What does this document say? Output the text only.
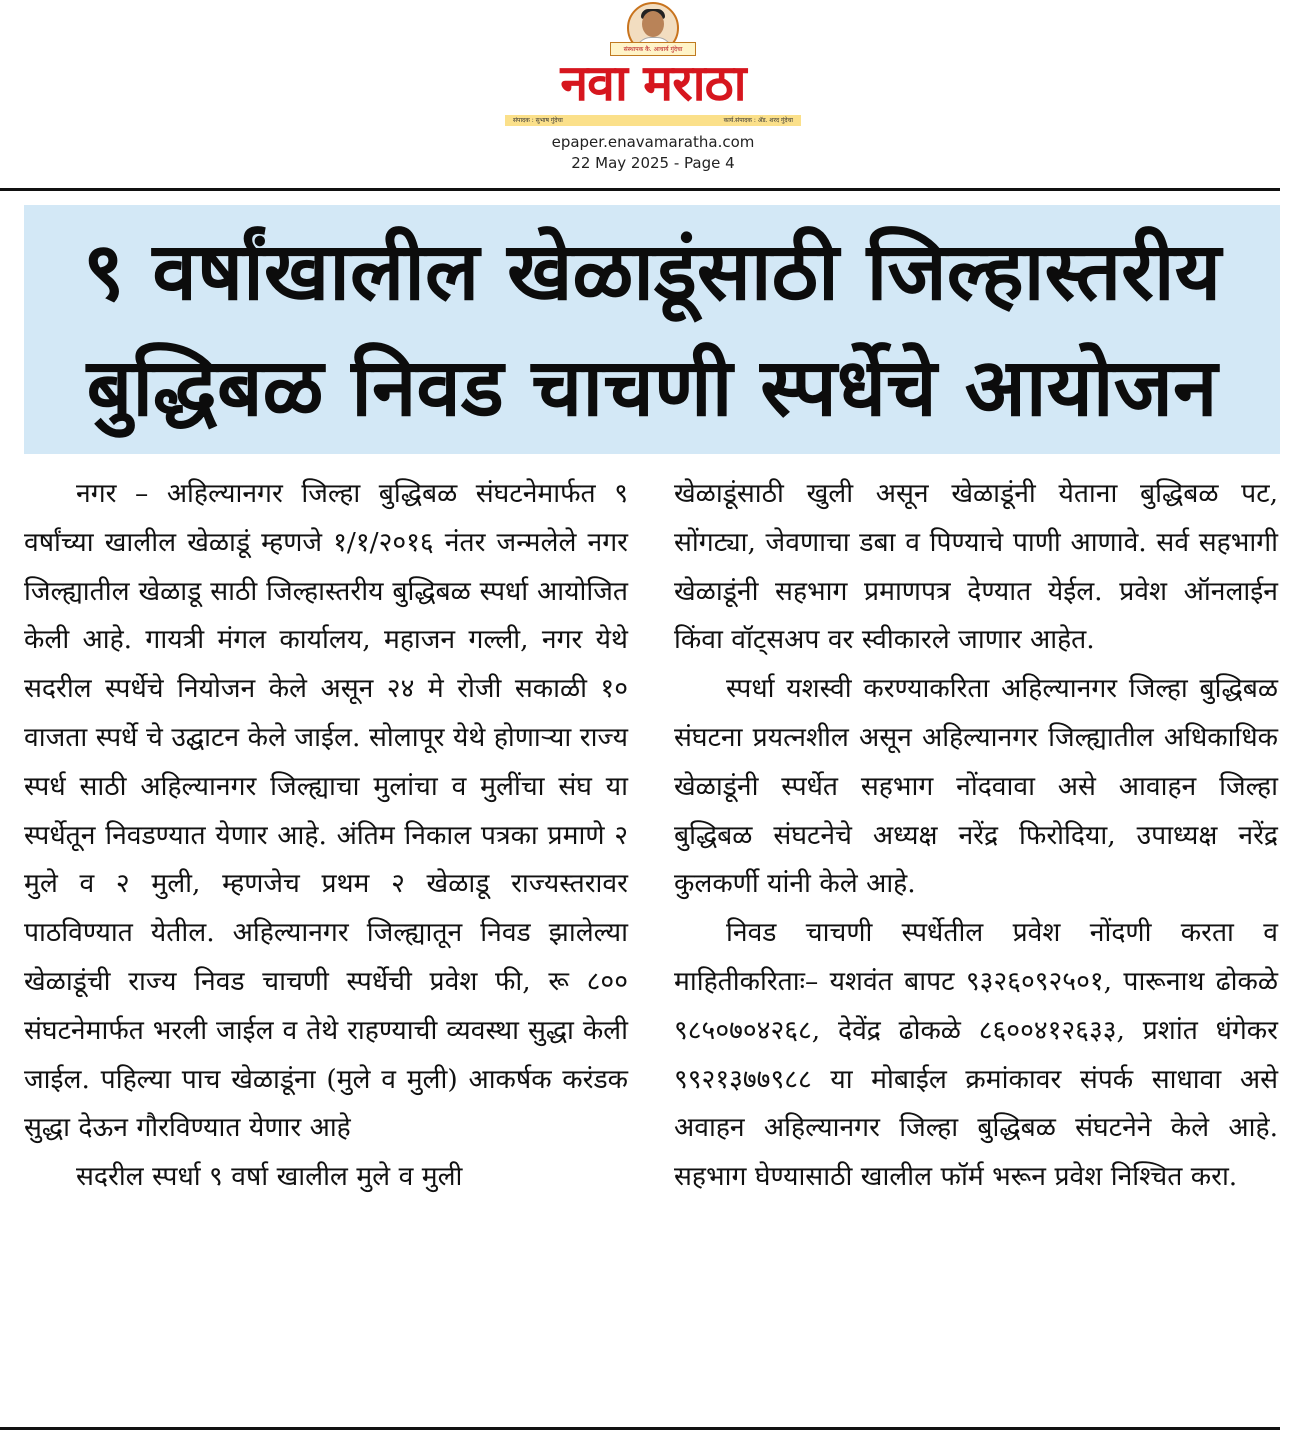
संस्थापक कै. आचार्य गुंदेचा
नवा मराठा
संपादक : सुभाष गुंदेचा	कार्य.संपादक : ॲड. शरद गुंदेचा
epaper.enavamaratha.com
22 May 2025 - Page 4
९ वर्षांखालील खेळाडूंसाठी जिल्हास्तरीय
बुद्धिबळ निवड चाचणी स्पर्धेचे आयोजन

नगर – अहिल्यानगर जिल्हा बुद्धिबळ संघटनेमार्फत ९ वर्षांच्या खालील खेळाडूं म्हणजे १/१/२०१६ नंतर जन्मलेले नगर जिल्ह्यातील खेळाडू साठी जिल्हास्तरीय बुद्धिबळ स्पर्धा आयोजित केली आहे. गायत्री मंगल कार्यालय, महाजन गल्ली, नगर येथे सदरील स्पर्धेचे नियोजन केले असून २४ मे रोजी सकाळी १० वाजता स्पर्धे चे उद्घाटन केले जाईल. सोलापूर येथे होणाऱ्या राज्य स्पर्ध साठी अहिल्यानगर जिल्ह्याचा मुलांचा व मुलींचा संघ या स्पर्धेतून निवडण्यात येणार आहे. अंतिम निकाल पत्रका प्रमाणे २ मुले व २ मुली, म्हणजेच प्रथम २ खेळाडू राज्यस्तरावर पाठविण्यात येतील. अहिल्यानगर जिल्ह्यातून निवड झालेल्या खेळाडूंची राज्य निवड चाचणी स्पर्धेची प्रवेश फी, रू ८०० संघटनेमार्फत भरली जाईल व तेथे राहण्याची व्यवस्था सुद्धा केली जाईल. पहिल्या पाच खेळाडूंना (मुले व मुली) आकर्षक करंडक सुद्धा देऊन गौरविण्यात येणार आहे

सदरील स्पर्धा ९ वर्षा खालील मुले व मुली

खेळाडूंसाठी खुली असून खेळाडूंनी येताना बुद्धिबळ पट, सोंगट्या, जेवणाचा डबा व पिण्याचे पाणी आणावे. सर्व सहभागी खेळाडूंनी सहभाग प्रमाणपत्र देण्यात येईल. प्रवेश ऑनलाईन किंवा वॉट्सअप वर स्वीकारले जाणार आहेत.

स्पर्धा यशस्वी करण्याकरिता अहिल्यानगर जिल्हा बुद्धिबळ संघटना प्रयत्नशील असून अहिल्यानगर जिल्ह्यातील अधिकाधिक खेळाडूंनी स्पर्धेत सहभाग नोंदवावा असे आवाहन जिल्हा बुद्धिबळ संघटनेचे अध्यक्ष नरेंद्र फिरोदिया, उपाध्यक्ष नरेंद्र कुलकर्णी यांनी केले आहे.

निवड चाचणी स्पर्धेतील प्रवेश नोंदणी करता व माहितीकरिताः– यशवंत बापट ९३२६०९२५०१, पारूनाथ ढोकळे ९८५०७०४२६८, देवेंद्र ढोकळे ८६००४१२६३३, प्रशांत धंगेकर ९९२१३७७९८८ या मोबाईल क्रमांकावर संपर्क साधावा असे अवाहन अहिल्यानगर जिल्हा बुद्धिबळ संघटनेने केले आहे. सहभाग घेण्यासाठी खालील फॉर्म भरून प्रवेश निश्चित करा.
